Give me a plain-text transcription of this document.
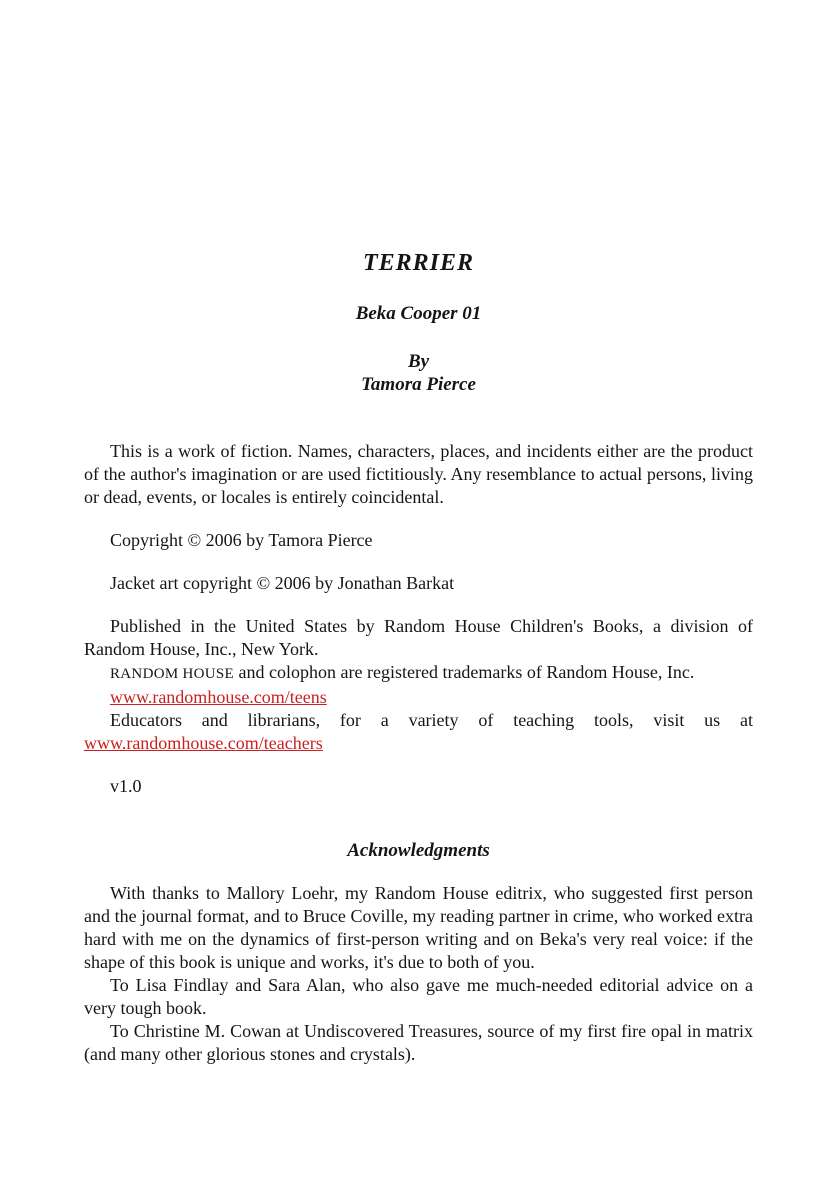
TERRIER
Beka Cooper 01
By
Tamora Pierce

This is a work of fiction. Names, characters, places, and incidents either are the product of the author's imagination or are used fictitiously. Any resemblance to actual persons, living or dead, events, or locales is entirely coincidental.

Copyright © 2006 by Tamora Pierce

Jacket art copyright © 2006 by Jonathan Barkat

Published in the United States by Random House Children's Books, a division of Random House, Inc., New York.

RANDOM HOUSE and colophon are registered trademarks of Random House, Inc.

www.randomhouse.com/teens

Educators and librarians, for a variety of teaching tools, visit us at www.randomhouse.com/teachers

v1.0

Acknowledgments

With thanks to Mallory Loehr, my Random House editrix, who suggested first person and the journal format, and to Bruce Coville, my reading partner in crime, who worked extra hard with me on the dynamics of first-person writing and on Beka's very real voice: if the shape of this book is unique and works, it's due to both of you.

To Lisa Findlay and Sara Alan, who also gave me much-needed editorial advice on a very tough book.

To Christine M. Cowan at Undiscovered Treasures, source of my first fire opal in matrix (and many other glorious stones and crystals).
